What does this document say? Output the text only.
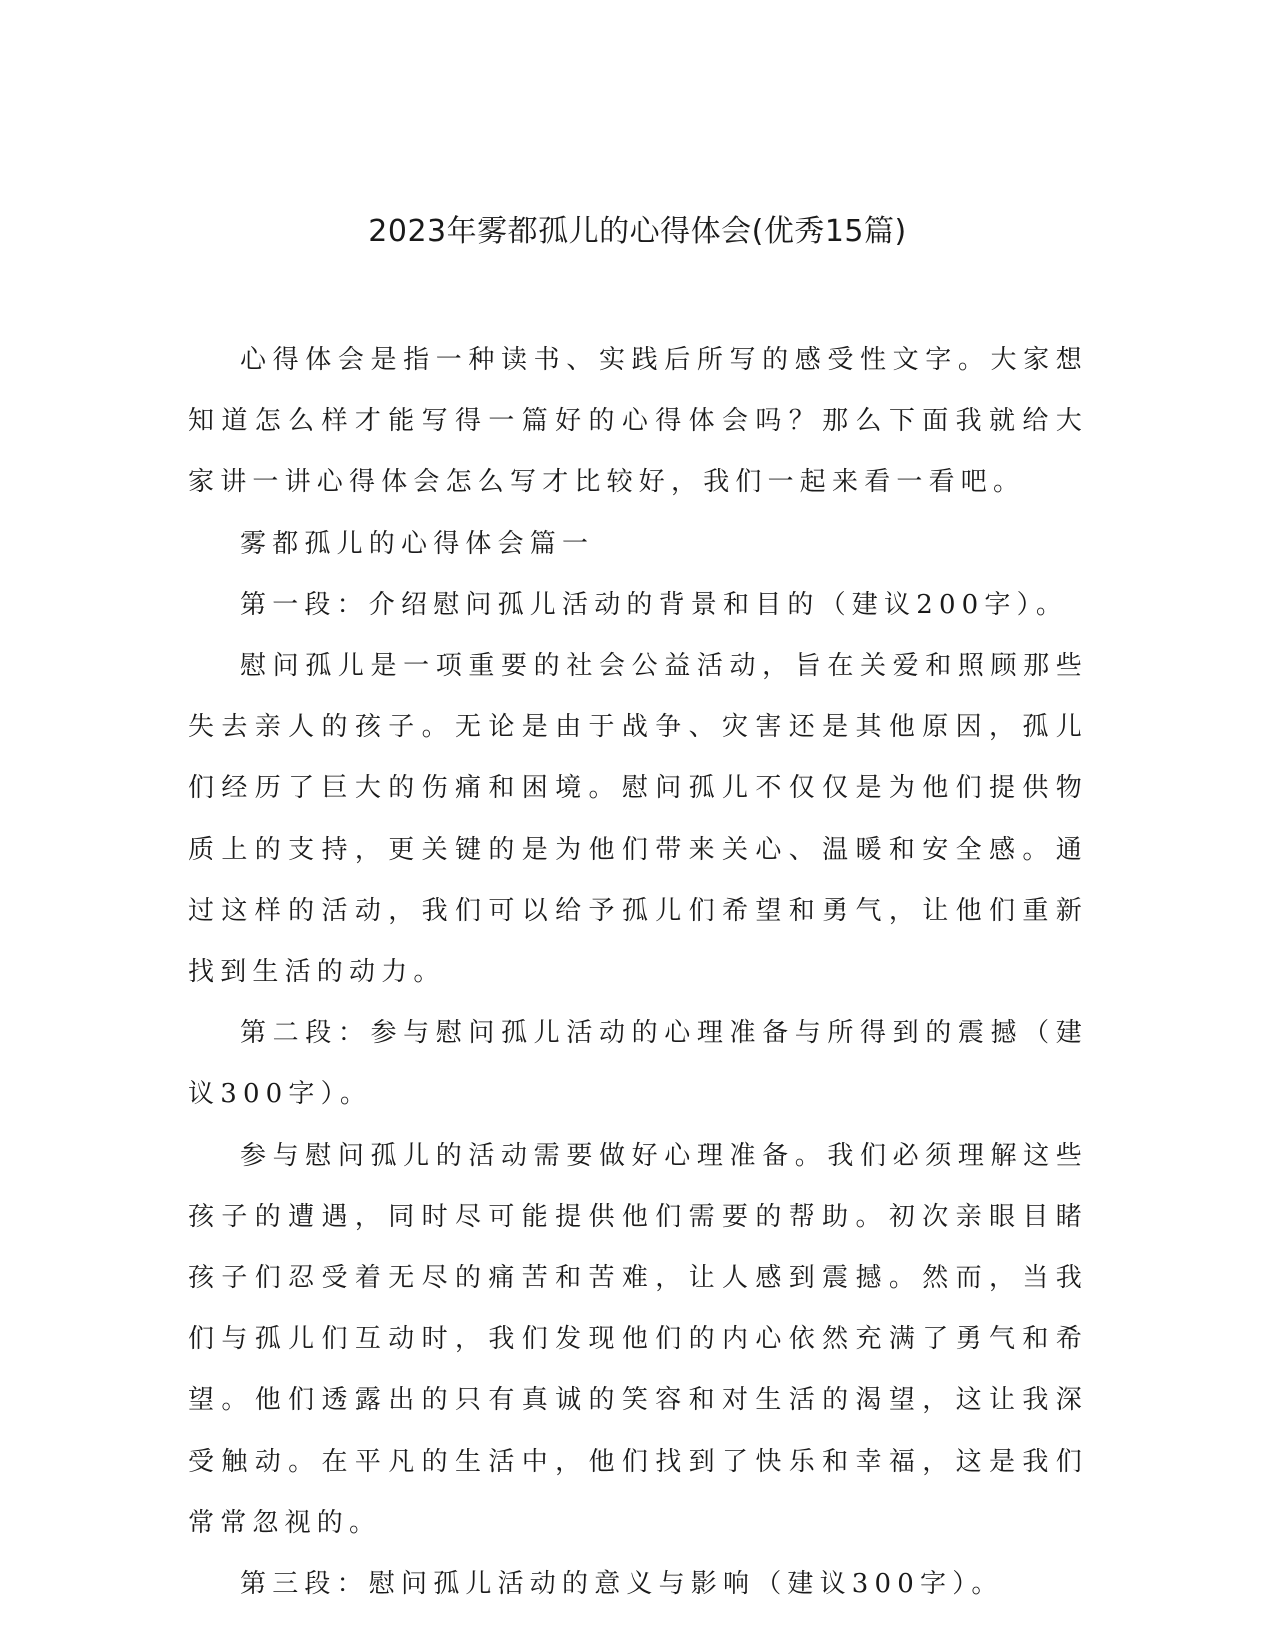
2023年雾都孤儿的心得体会(优秀15篇)

心得体会是指一种读书、实践后所写的感受性文字。大家想知道怎么样才能写得一篇好的心得体会吗？那么下面我就给大家讲一讲心得体会怎么写才比较好，我们一起来看一看吧。

雾都孤儿的心得体会篇一

第一段：介绍慰问孤儿活动的背景和目的（建议200字）。

慰问孤儿是一项重要的社会公益活动，旨在关爱和照顾那些失去亲人的孩子。无论是由于战争、灾害还是其他原因，孤儿们经历了巨大的伤痛和困境。慰问孤儿不仅仅是为他们提供物质上的支持，更关键的是为他们带来关心、温暖和安全感。通过这样的活动，我们可以给予孤儿们希望和勇气，让他们重新找到生活的动力。

第二段：参与慰问孤儿活动的心理准备与所得到的震撼（建议300字）。

参与慰问孤儿的活动需要做好心理准备。我们必须理解这些孩子的遭遇，同时尽可能提供他们需要的帮助。初次亲眼目睹孩子们忍受着无尽的痛苦和苦难，让人感到震撼。然而，当我们与孤儿们互动时，我们发现他们的内心依然充满了勇气和希望。他们透露出的只有真诚的笑容和对生活的渴望，这让我深受触动。在平凡的生活中，他们找到了快乐和幸福，这是我们常常忽视的。

第三段：慰问孤儿活动的意义与影响（建议300字）。
